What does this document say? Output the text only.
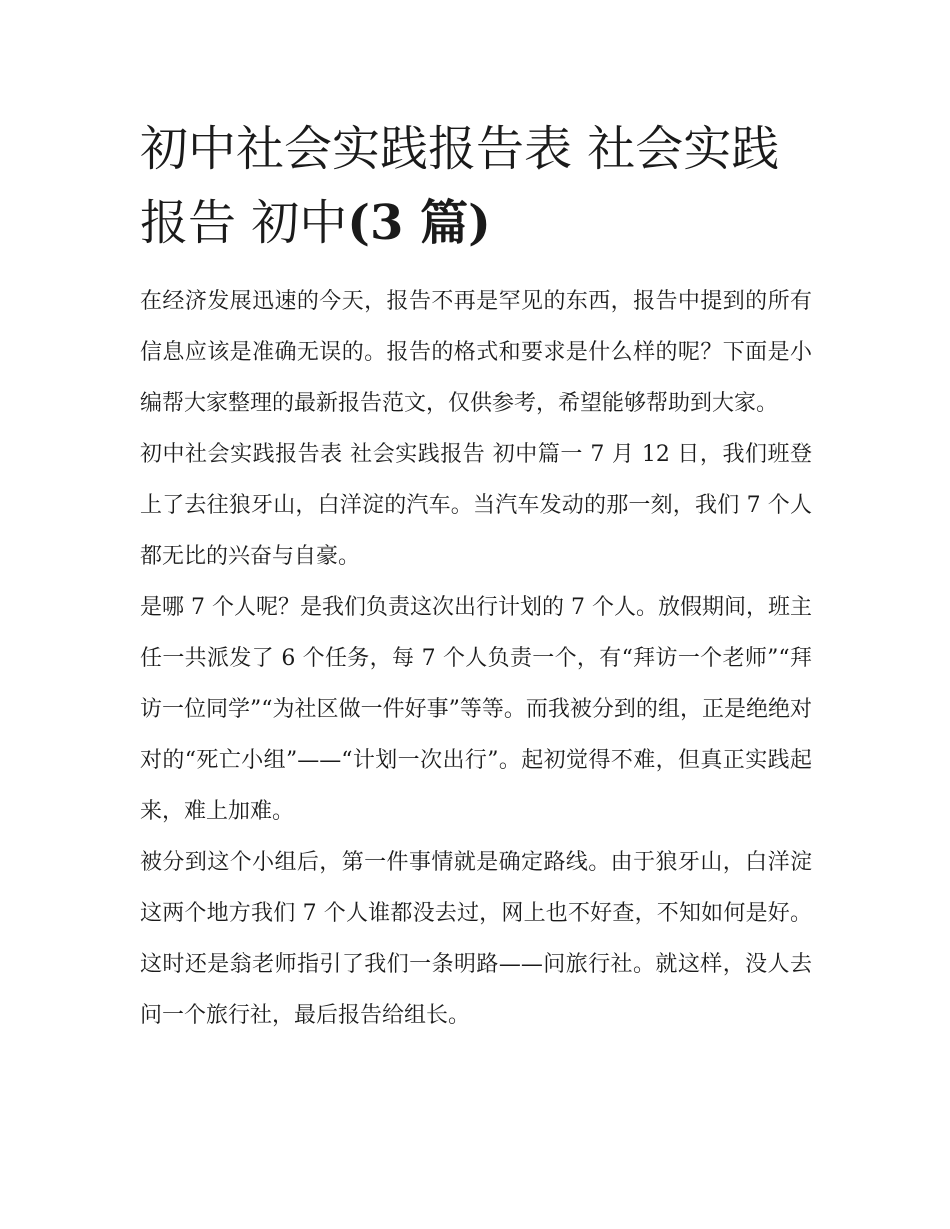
初中社会实践报告表 社会实践
报告 初中(3 篇)

在经济发展迅速的今天，报告不再是罕见的东西，报告中提到的所有信息应该是准确无误的。报告的格式和要求是什么样的呢？下面是小编帮大家整理的最新报告范文，仅供参考，希望能够帮助到大家。

初中社会实践报告表 社会实践报告 初中篇一 7 月 12 日，我们班登上了去往狼牙山，白洋淀的汽车。当汽车发动的那一刻，我们 7 个人都无比的兴奋与自豪。

是哪 7 个人呢？是我们负责这次出行计划的 7 个人。放假期间，班主任一共派发了 6 个任务，每 7 个人负责一个，有“拜访一个老师”“拜访一位同学”“为社区做一件好事”等等。而我被分到的组，正是绝绝对对的“死亡小组”——“计划一次出行”。起初觉得不难，但真正实践起来，难上加难。

被分到这个小组后，第一件事情就是确定路线。由于狼牙山，白洋淀这两个地方我们 7 个人谁都没去过，网上也不好查，不知如何是好。这时还是翁老师指引了我们一条明路——问旅行社。就这样，没人去问一个旅行社，最后报告给组长。
